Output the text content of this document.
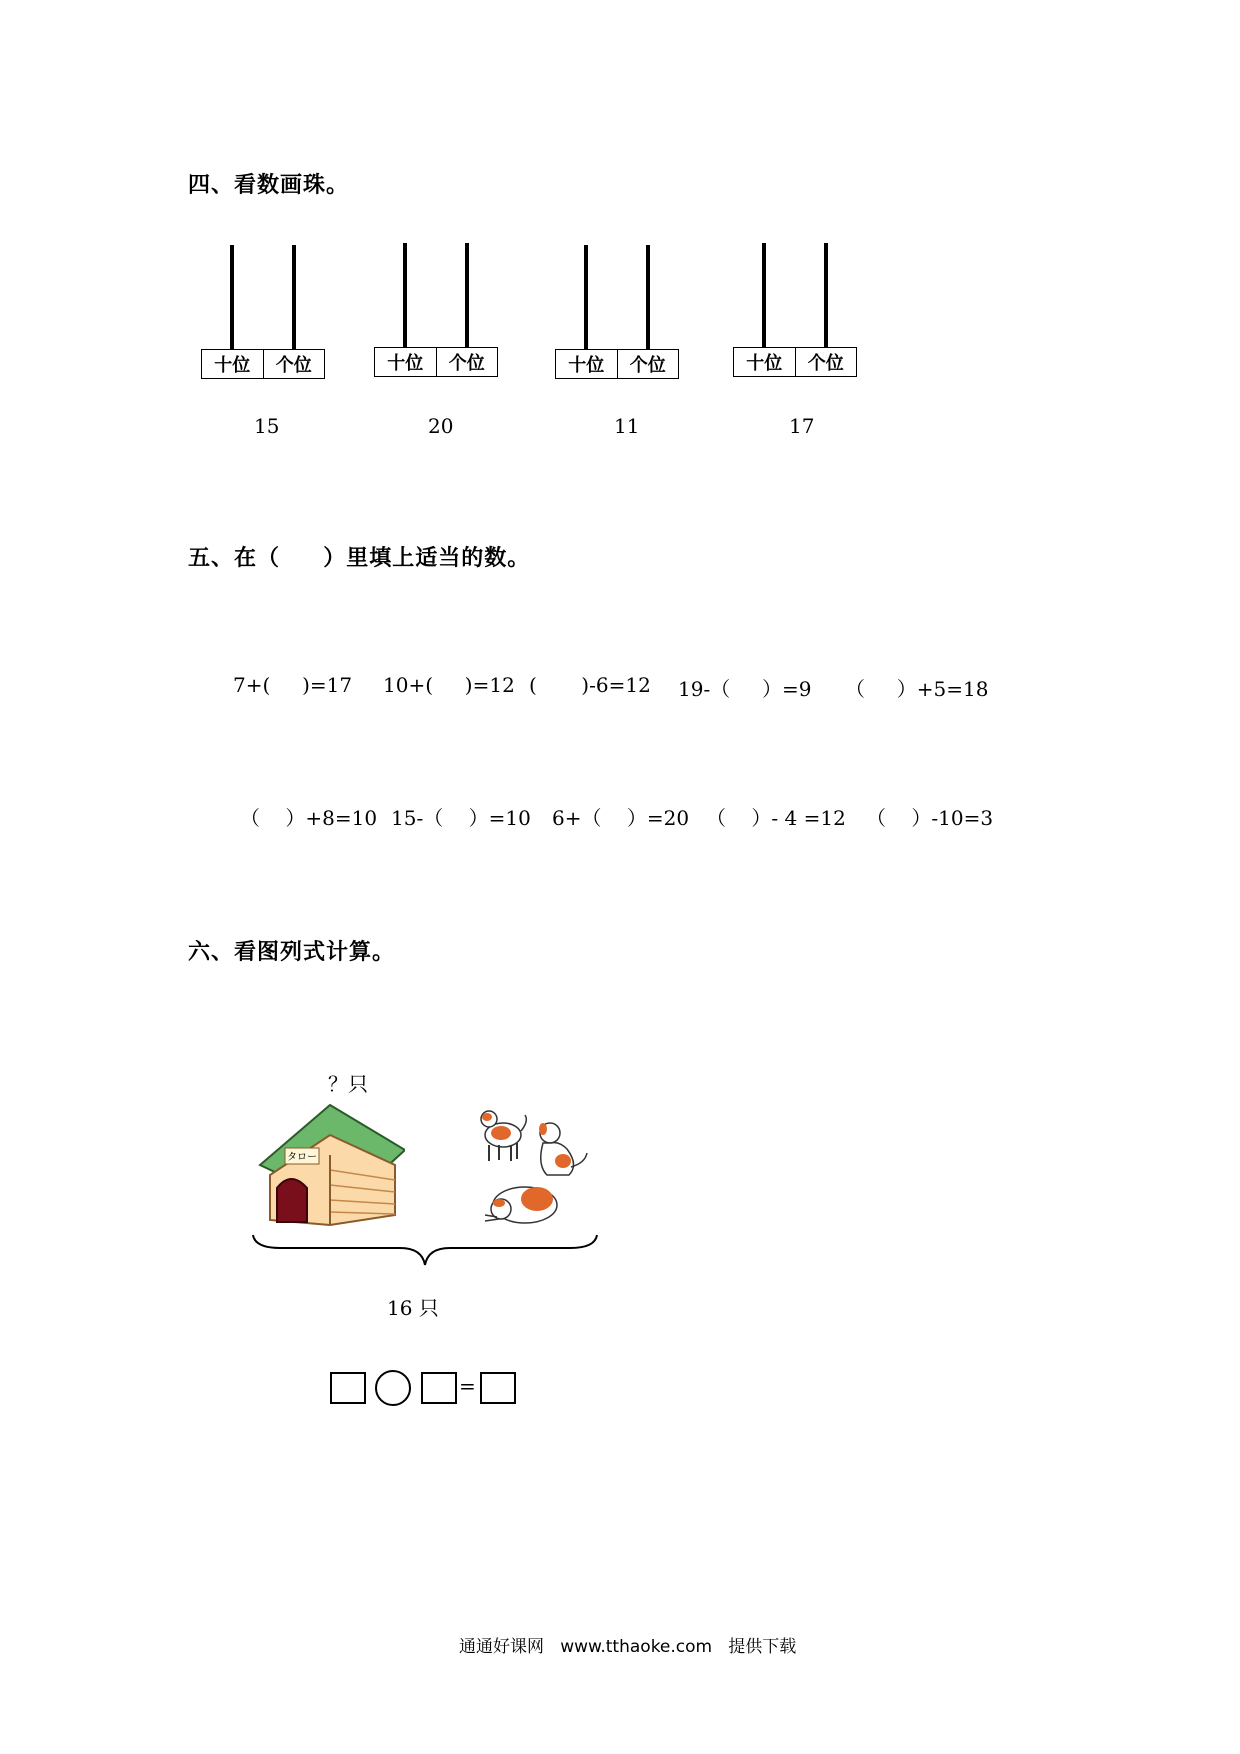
四、看数画珠。
十位	个位
15
十位	个位
20
十位	个位
11
十位	个位
17
五、在（     ）里填上适当的数。
7+(     )=17 10+(     )=12 (       )-6=12 19-（     ）=9 （     ）+5=18
（    ）+8=10 15-（    ）=10 6+（    ）=20 （    ）- 4 =12 （    ）-10=3
六、看图列式计算。
？只
タロー
16 只
=
通通好课网   www.tthaoke.com   提供下载
